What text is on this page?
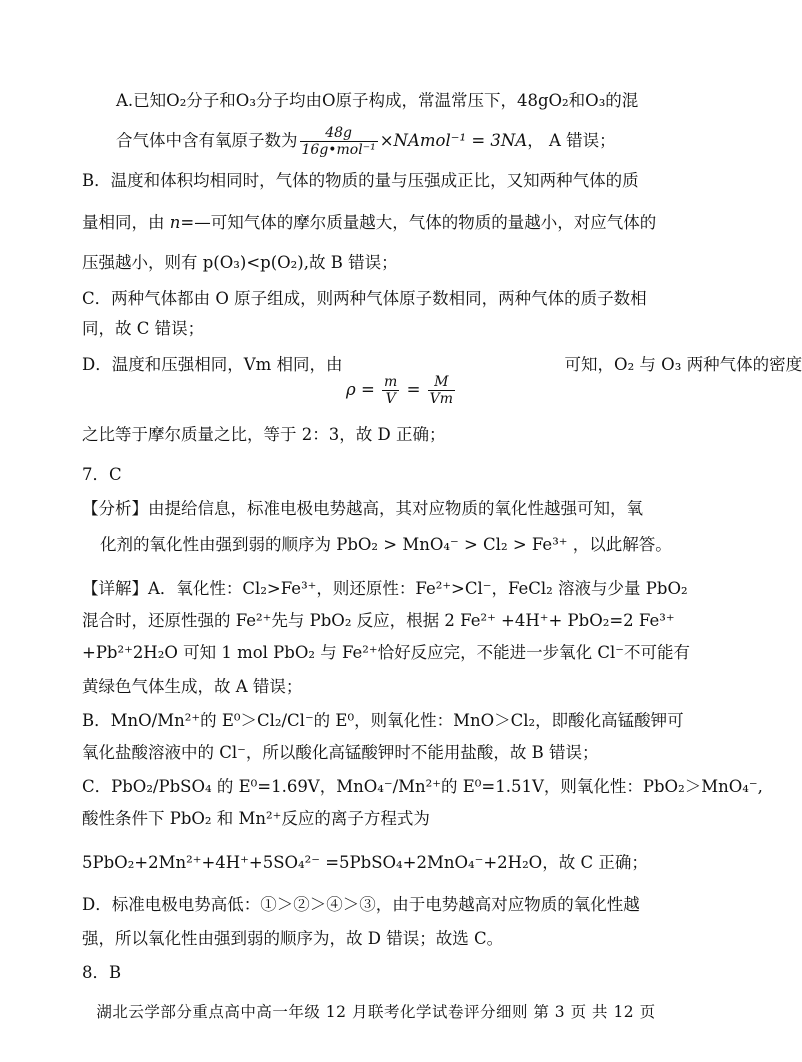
A.已知O₂分子和O₃分子均由O原子构成，常温常压下，48gO₂和O₃的混
合气体中含有氧原子数为 $\frac{48g}{\text{16g•mol⁻¹}}$ ×NAmol⁻¹ = 3NA， A 错误；
B．温度和体积均相同时，气体的物质的量与压强成正比，又知两种气体的质
量相同，由 n=—可知气体的摩尔质量越大，气体的物质的量越小，对应气体的
压强越小，则有 p(O₃)<p(O₂),故 B 错误；
C．两种气体都由 O 原子组成，则两种气体原子数相同，两种气体的质子数相
同，故 C 错误；
D．温度和压强相同，Vm 相同，由	可知，O₂ 与 O₃ 两种气体的密度
$\rho = \frac{m}{V} = \frac{M}{Vm}$
之比等于摩尔质量之比，等于 2：3，故 D 正确；
7．C
【分析】由提给信息，标准电极电势越高，其对应物质的氧化性越强可知，氧
化剂的氧化性由强到弱的顺序为 PbO₂ > MnO₄⁻ > Cl₂ > Fe³⁺ ，以此解答。
【详解】A．氧化性：Cl₂>Fe³⁺，则还原性：Fe²⁺>Cl⁻，FeCl₂ 溶液与少量 PbO₂
混合时，还原性强的 Fe²⁺先与 PbO₂ 反应，根据 2 Fe²⁺ +4H⁺+ PbO₂=2 Fe³⁺
+Pb²⁺2H₂O 可知 1 mol PbO₂ 与 Fe²⁺恰好反应完，不能进一步氧化 Cl⁻不可能有
黄绿色气体生成，故 A 错误；
B．MnO/Mn²⁺的 E⁰＞Cl₂/Cl⁻的 E⁰，则氧化性：MnO＞Cl₂，即酸化高锰酸钾可
氧化盐酸溶液中的 Cl⁻，所以酸化高锰酸钾时不能用盐酸，故 B 错误；
C．PbO₂/PbSO₄ 的 E⁰=1.69V，MnO₄⁻/Mn²⁺的 E⁰=1.51V，则氧化性：PbO₂＞MnO₄⁻,
酸性条件下 PbO₂ 和 Mn²⁺反应的离子方程式为
5PbO₂+2Mn²⁺+4H⁺+5SO₄²⁻ =5PbSO₄+2MnO₄⁻+2H₂O，故 C 正确；
D．标准电极电势高低：①＞②＞④＞③，由于电势越高对应物质的氧化性越
强，所以氧化性由强到弱的顺序为，故 D 错误；故选 C。
8．B
湖北云学部分重点高中高一年级 12 月联考化学试卷评分细则 第 3 页 共 12 页
